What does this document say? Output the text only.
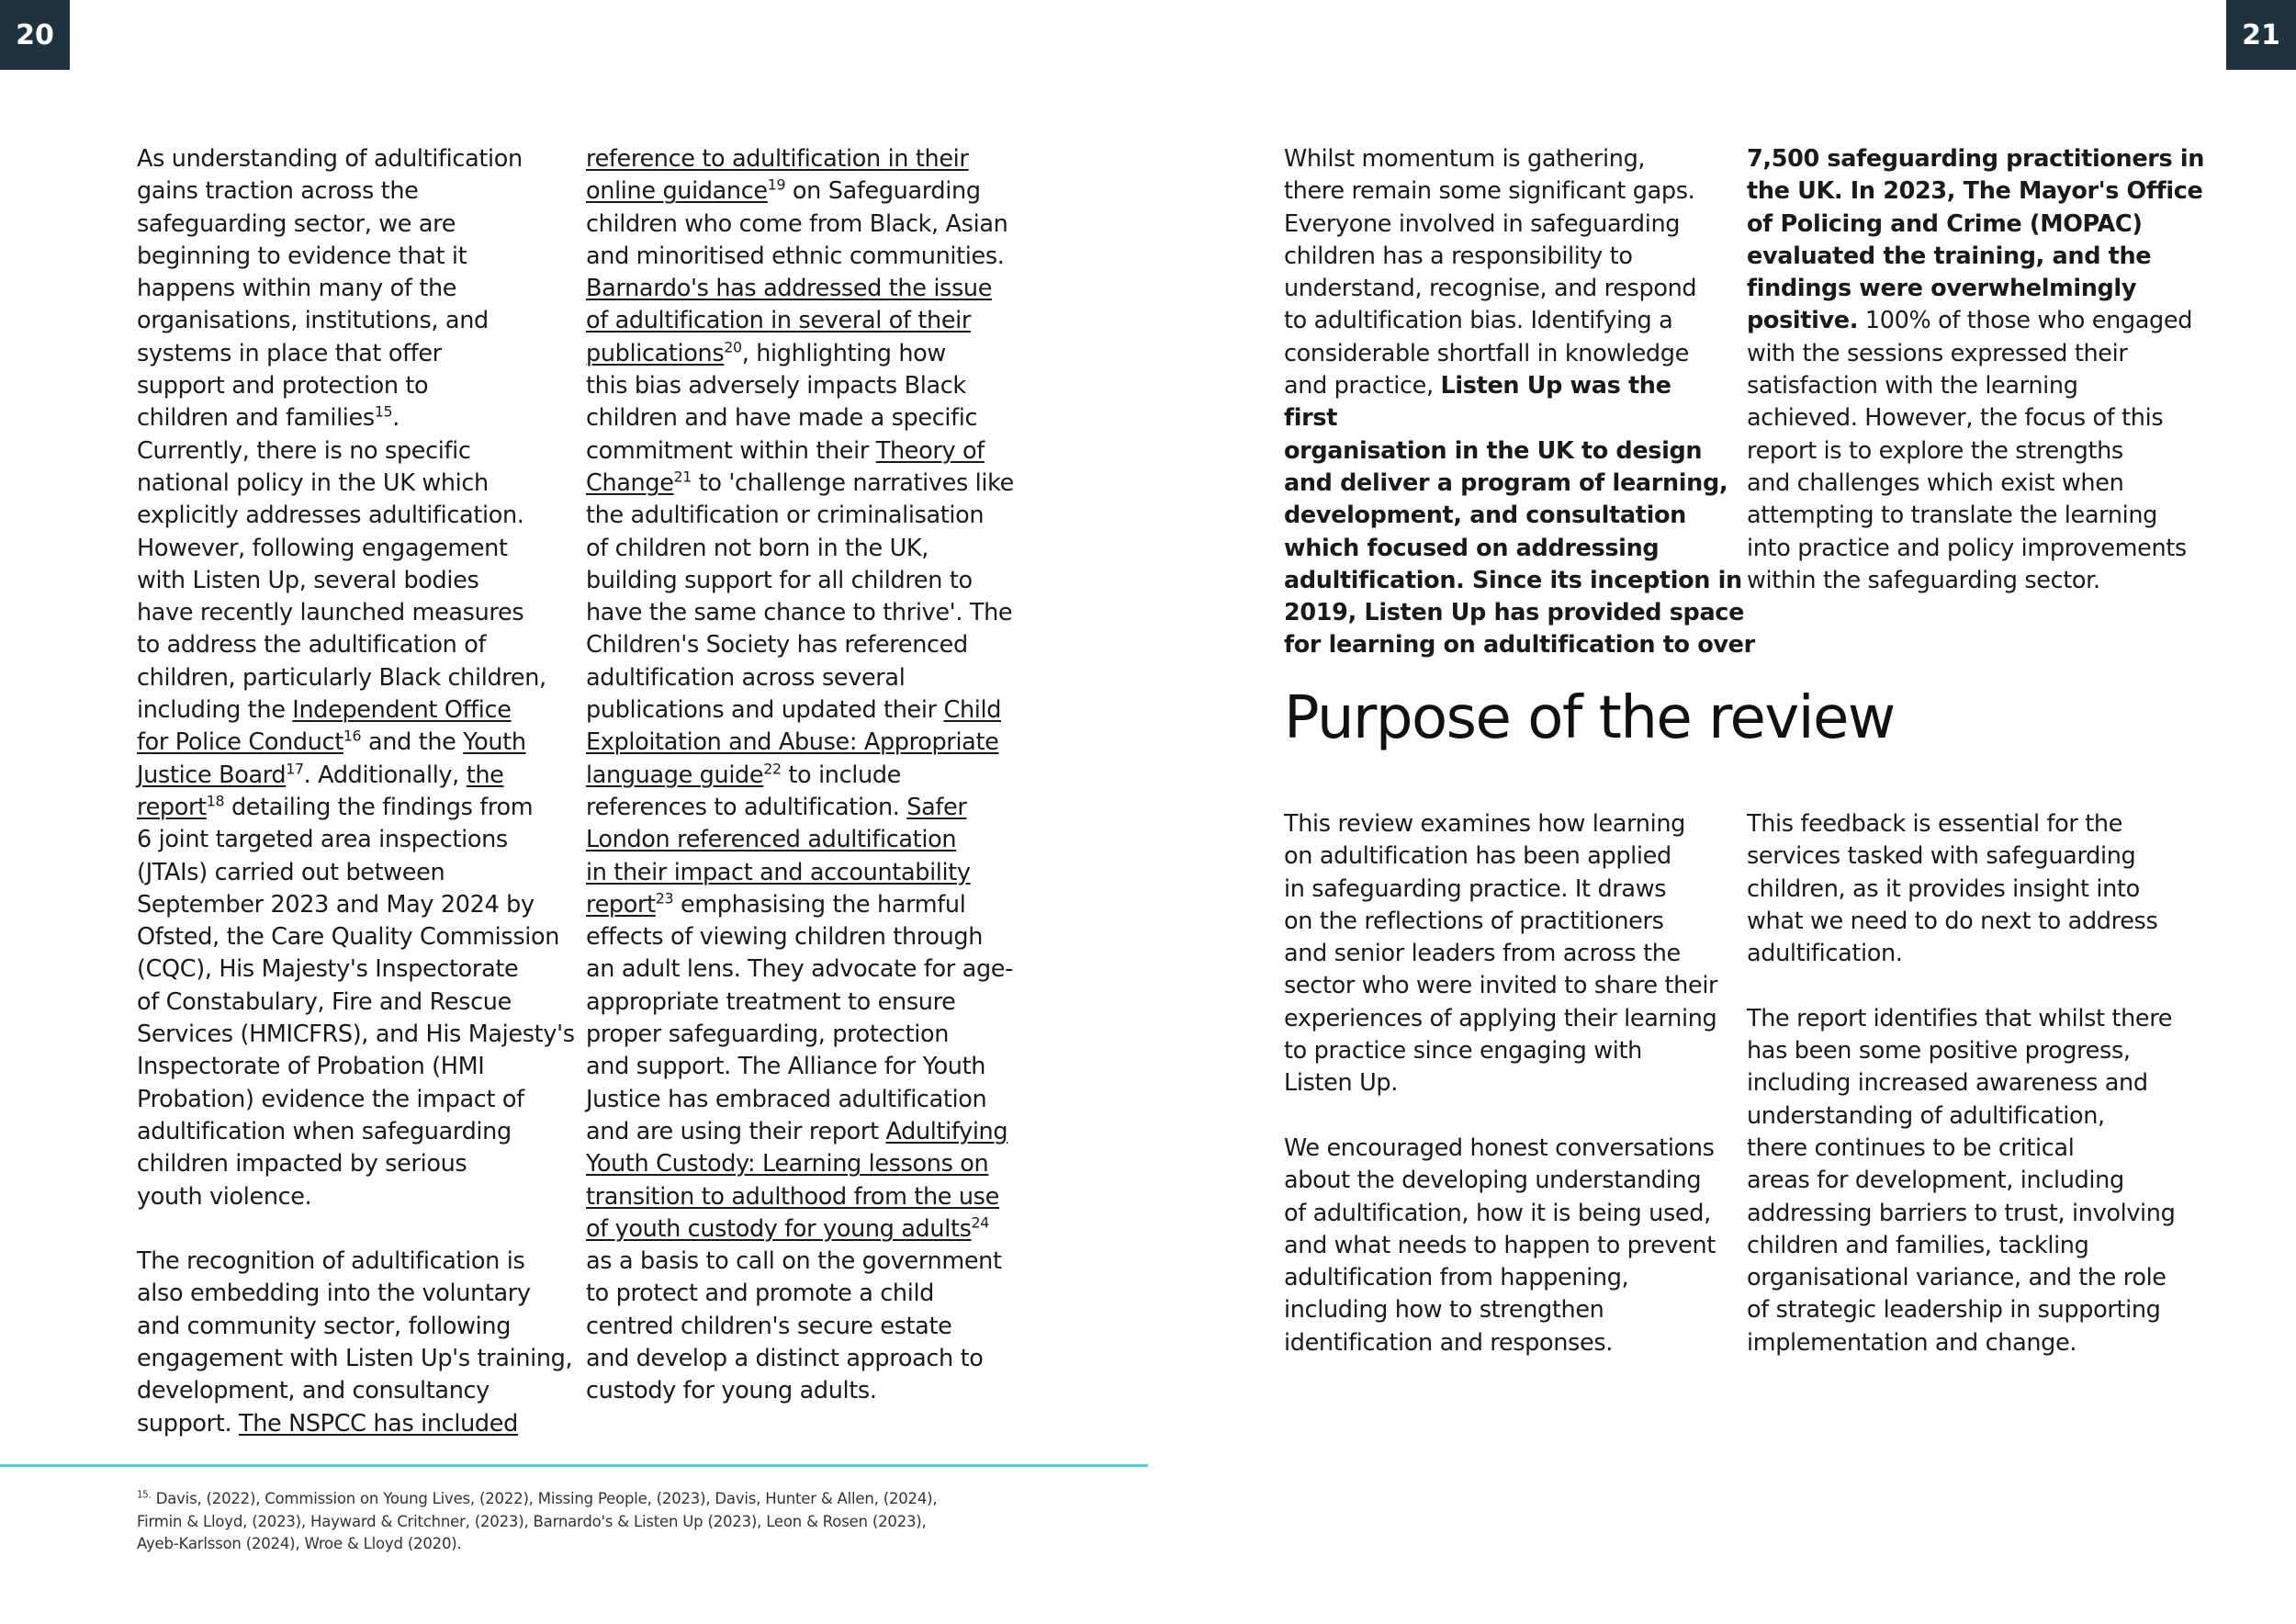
20	21

As understanding of adultification
gains traction across the
safeguarding sector, we are
beginning to evidence that it
happens within many of the
organisations, institutions, and
systems in place that offer
support and protection to
children and families$^{15}$.
Currently, there is no specific
national policy in the UK which
explicitly addresses adultification.
However, following engagement
with Listen Up, several bodies
have recently launched measures
to address the adultification of
children, particularly Black children,
including the Independent Office
for Police Conduct$^{16}$ and the Youth
Justice Board$^{17}$. Additionally, the
report$^{18}$ detailing the findings from
6 joint targeted area inspections
(JTAIs) carried out between
September 2023 and May 2024 by
Ofsted, the Care Quality Commission
(CQC), His Majesty's Inspectorate
of Constabulary, Fire and Rescue
Services (HMICFRS), and His Majesty's
Inspectorate of Probation (HMI
Probation) evidence the impact of
adultification when safeguarding
children impacted by serious
youth violence.

The recognition of adultification is
also embedding into the voluntary
and community sector, following
engagement with Listen Up's training,
development, and consultancy
support. The NSPCC has included

reference to adultification in their
online guidance$^{19}$ on Safeguarding
children who come from Black, Asian
and minoritised ethnic communities.
Barnardo's has addressed the issue
of adultification in several of their
publications$^{20}$, highlighting how
this bias adversely impacts Black
children and have made a specific
commitment within their Theory of
Change$^{21}$ to 'challenge narratives like
the adultification or criminalisation
of children not born in the UK,
building support for all children to
have the same chance to thrive'. The
Children's Society has referenced
adultification across several
publications and updated their Child
Exploitation and Abuse: Appropriate
language guide$^{22}$ to include
references to adultification. Safer
London referenced adultification
in their impact and accountability
report$^{23}$ emphasising the harmful
effects of viewing children through
an adult lens. They advocate for age-
appropriate treatment to ensure
proper safeguarding, protection
and support. The Alliance for Youth
Justice has embraced adultification
and are using their report Adultifying
Youth Custody: Learning lessons on
transition to adulthood from the use
of youth custody for young adults$^{24}$
as a basis to call on the government
to protect and promote a child
centred children's secure estate
and develop a distinct approach to
custody for young adults.

Whilst momentum is gathering,
there remain some significant gaps.
Everyone involved in safeguarding
children has a responsibility to
understand, recognise, and respond
to adultification bias. Identifying a
considerable shortfall in knowledge
and practice, Listen Up was the first
organisation in the UK to design
and deliver a program of learning,
development, and consultation
which focused on addressing
adultification. Since its inception in
2019, Listen Up has provided space
for learning on adultification to over

7,500 safeguarding practitioners in
the UK. In 2023, The Mayor's Office
of Policing and Crime (MOPAC)
evaluated the training, and the
findings were overwhelmingly
positive. 100% of those who engaged
with the sessions expressed their
satisfaction with the learning
achieved. However, the focus of this
report is to explore the strengths
and challenges which exist when
attempting to translate the learning
into practice and policy improvements
within the safeguarding sector.

Purpose of the review

This review examines how learning
on adultification has been applied
in safeguarding practice. It draws
on the reflections of practitioners
and senior leaders from across the
sector who were invited to share their
experiences of applying their learning
to practice since engaging with
Listen Up.

We encouraged honest conversations
about the developing understanding
of adultification, how it is being used,
and what needs to happen to prevent
adultification from happening,
including how to strengthen
identification and responses.

This feedback is essential for the
services tasked with safeguarding
children, as it provides insight into
what we need to do next to address
adultification.

The report identifies that whilst there
has been some positive progress,
including increased awareness and
understanding of adultification,
there continues to be critical
areas for development, including
addressing barriers to trust, involving
children and families, tackling
organisational variance, and the role
of strategic leadership in supporting
implementation and change.

$^{15.}$ Davis, (2022), Commission on Young Lives, (2022), Missing People, (2023), Davis, Hunter & Allen, (2024),
Firmin & Lloyd, (2023), Hayward & Critchner, (2023), Barnardo's & Listen Up (2023), Leon & Rosen (2023),
Ayeb-Karlsson (2024), Wroe & Lloyd (2020).
